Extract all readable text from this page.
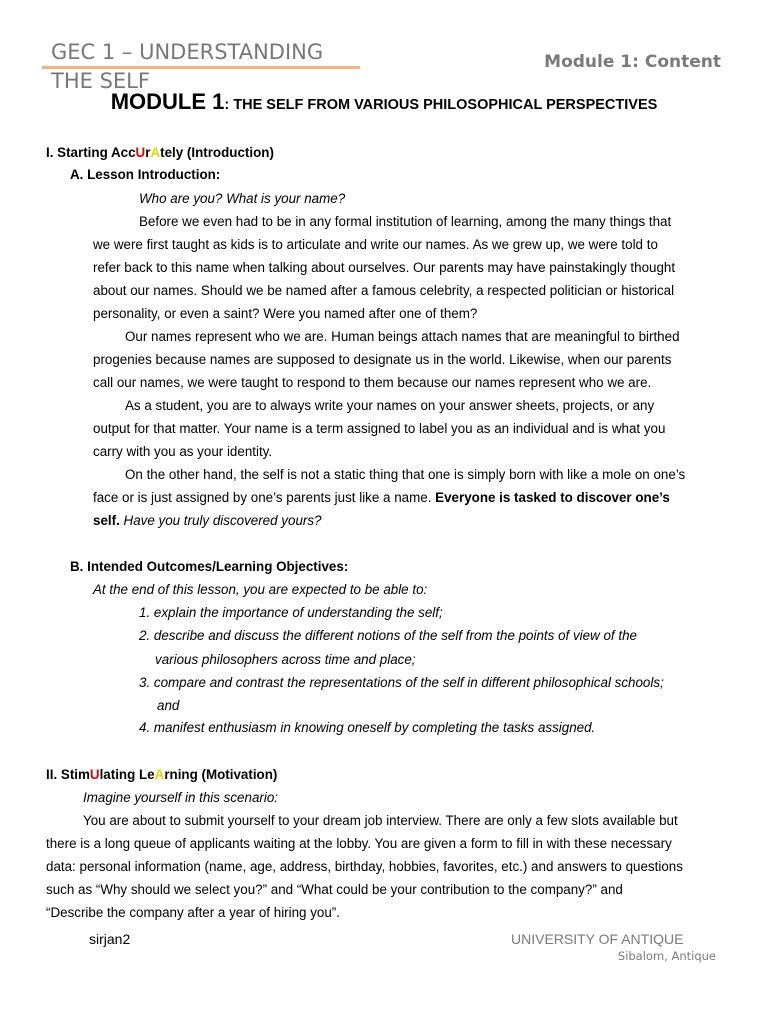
GEC 1 – UNDERSTANDING THE SELF
Module 1: Content
MODULE 1: THE SELF FROM VARIOUS PHILOSOPHICAL PERSPECTIVES
I. Starting AccUrAtely (Introduction)
A. Lesson Introduction:
Who are you? What is your name?
Before we even had to be in any formal institution of learning, among the many things that
we were first taught as kids is to articulate and write our names. As we grew up, we were told to
refer back to this name when talking about ourselves. Our parents may have painstakingly thought
about our names. Should we be named after a famous celebrity, a respected politician or historical
personality, or even a saint? Were you named after one of them?
Our names represent who we are. Human beings attach names that are meaningful to birthed
progenies because names are supposed to designate us in the world. Likewise, when our parents
call our names, we were taught to respond to them because our names represent who we are.
As a student, you are to always write your names on your answer sheets, projects, or any
output for that matter. Your name is a term assigned to label you as an individual and is what you
carry with you as your identity.
On the other hand, the self is not a static thing that one is simply born with like a mole on one’s
face or is just assigned by one’s parents just like a name. Everyone is tasked to discover one’s
self. Have you truly discovered yours?
B. Intended Outcomes/Learning Objectives:
At the end of this lesson, you are expected to be able to:
1. explain the importance of understanding the self;
2. describe and discuss the different notions of the self from the points of view of the
various philosophers across time and place;
3. compare and contrast the representations of the self in different philosophical schools;
and
4. manifest enthusiasm in knowing oneself by completing the tasks assigned.
II. StimUlating LeArning (Motivation)
Imagine yourself in this scenario:
You are about to submit yourself to your dream job interview. There are only a few slots available but
there is a long queue of applicants waiting at the lobby. You are given a form to fill in with these necessary
data: personal information (name, age, address, birthday, hobbies, favorites, etc.) and answers to questions
such as “Why should we select you?” and “What could be your contribution to the company?” and
“Describe the company after a year of hiring you”.
sirjan2	UNIVERSITY OF ANTIQUE
Sibalom, Antique
